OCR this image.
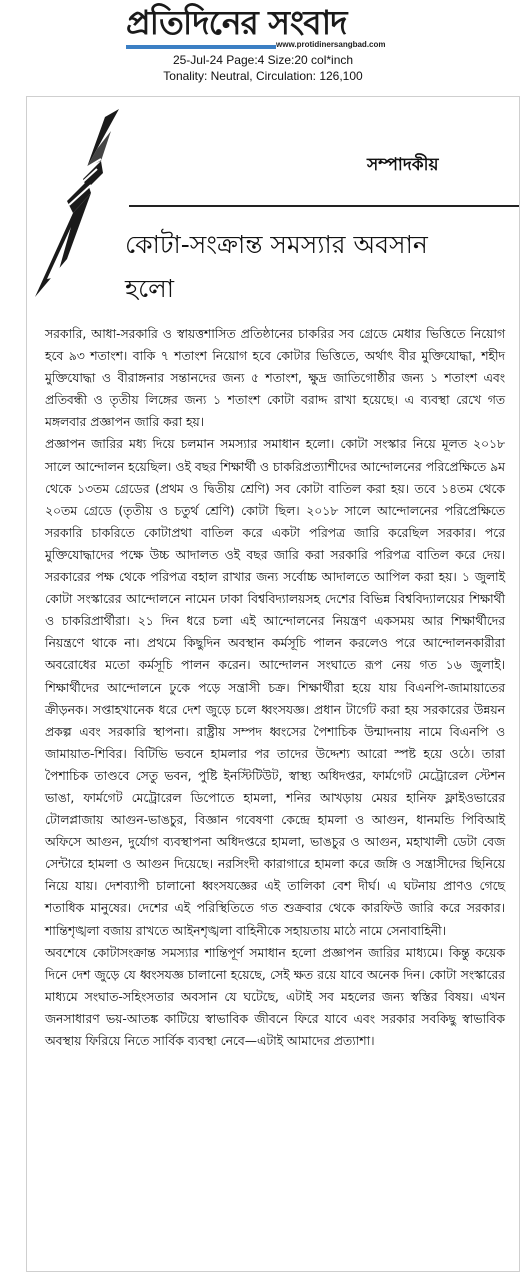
প্রতিদিনের সংবাদ
www.protidinersangbad.com
25-Jul-24 Page:4 Size:20 col*inch
Tonality: Neutral, Circulation: 126,100
সম্পাদকীয়
কোটা-সংক্রান্ত সমস্যার অবসান হলো

সরকারি, আধা-সরকারি ও স্বায়ত্তশাসিত প্রতিষ্ঠানের চাকরির সব গ্রেডে মেধার ভিত্তিতে নিয়োগ হবে ৯৩ শতাংশ। বাকি ৭ শতাংশ নিয়োগ হবে কোটার ভিত্তিতে, অর্থাৎ বীর মুক্তিযোদ্ধা, শহীদ মুক্তিযোদ্ধা ও বীরাঙ্গনার সন্তানদের জন্য ৫ শতাংশ, ক্ষুদ্র জাতিগোষ্ঠীর জন্য ১ শতাংশ এবং প্রতিবন্ধী ও তৃতীয় লিঙ্গের জন্য ১ শতাংশ কোটা বরাদ্দ রাখা হয়েছে। এ ব্যবস্থা রেখে গত মঙ্গলবার প্রজ্ঞাপন জারি করা হয়।

প্রজ্ঞাপন জারির মধ্য দিয়ে চলমান সমস্যার সমাধান হলো। কোটা সংস্কার নিয়ে মূলত ২০১৮ সালে আন্দোলন হয়েছিল। ওই বছর শিক্ষার্থী ও চাকরিপ্রত্যাশীদের আন্দোলনের পরিপ্রেক্ষিতে ৯ম থেকে ১৩তম গ্রেডের (প্রথম ও দ্বিতীয় শ্রেণি) সব কোটা বাতিল করা হয়। তবে ১৪তম থেকে ২০তম গ্রেডে (তৃতীয় ও চতুর্থ শ্রেণি) কোটা ছিল। ২০১৮ সালে আন্দোলনের পরিপ্রেক্ষিতে সরকারি চাকরিতে কোটাপ্রথা বাতিল করে একটা পরিপত্র জারি করেছিল সরকার। পরে মুক্তিযোদ্ধাদের পক্ষে উচ্চ আদালত ওই বছর জারি করা সরকারি পরিপত্র বাতিল করে দেয়। সরকারের পক্ষ থেকে পরিপত্র বহাল রাখার জন্য সর্বোচ্চ আদালতে আপিল করা হয়। ১ জুলাই কোটা সংস্কারের আন্দোলনে নামেন ঢাকা বিশ্ববিদ্যালয়সহ দেশের বিভিন্ন বিশ্ববিদ্যালয়ের শিক্ষার্থী ও চাকরিপ্রার্থীরা। ২১ দিন ধরে চলা এই আন্দোলনের নিয়ন্ত্রণ একসময় আর শিক্ষার্থীদের নিয়ন্ত্রণে থাকে না। প্রথমে কিছুদিন অবস্থান কর্মসূচি পালন করলেও পরে আন্দোলনকারীরা অবরোধের মতো কর্মসূচি পালন করেন। আন্দোলন সংঘাতে রূপ নেয় গত ১৬ জুলাই। শিক্ষার্থীদের আন্দোলনে ঢুকে পড়ে সন্ত্রাসী চক্র। শিক্ষার্থীরা হয়ে যায় বিএনপি-জামায়াতের ক্রীড়নক। সপ্তাহখানেক ধরে দেশ জুড়ে চলে ধ্বংসযজ্ঞ। প্রধান টার্গেট করা হয় সরকারের উন্নয়ন প্রকল্প এবং সরকারি স্থাপনা। রাষ্ট্রীয় সম্পদ ধ্বংসের পৈশাচিক উন্মাদনায় নামে বিএনপি ও জামায়াত-শিবির। বিটিভি ভবনে হামলার পর তাদের উদ্দেশ্য আরো স্পষ্ট হয়ে ওঠে। তারা পৈশাচিক তাণ্ডবে সেতু ভবন, পুষ্টি ইনস্টিটিউট, স্বাস্থ্য অধিদপ্তর, ফার্মগেট মেট্রোরেল স্টেশন ভাঙা, ফার্মগেট মেট্রোরেল ডিপোতে হামলা, শনির আখড়ায় মেয়র হানিফ ফ্লাইওভারের টোলপ্লাজায় আগুন-ভাঙচুর, বিজ্ঞান গবেষণা কেন্দ্রে হামলা ও আগুন, ধানমন্ডি পিবিআই অফিসে আগুন, দুর্যোগ ব্যবস্থাপনা অধিদপ্তরে হামলা, ভাঙচুর ও আগুন, মহাখালী ডেটা বেজ সেন্টারে হামলা ও আগুন দিয়েছে। নরসিংদী কারাগারে হামলা করে জঙ্গি ও সন্ত্রাসীদের ছিনিয়ে নিয়ে যায়। দেশব্যাপী চালানো ধ্বংসযজ্ঞের এই তালিকা বেশ দীর্ঘ। এ ঘটনায় প্রাণও গেছে শতাধিক মানুষের। দেশের এই পরিস্থিতিতে গত শুক্রবার থেকে কারফিউ জারি করে সরকার। শান্তিশৃঙ্খলা বজায় রাখতে আইনশৃঙ্খলা বাহিনীকে সহায়তায় মাঠে নামে সেনাবাহিনী।

অবশেষে কোটাসংক্রান্ত সমস্যার শান্তিপূর্ণ সমাধান হলো প্রজ্ঞাপন জারির মাধ্যমে। কিন্তু কয়েক দিনে দেশ জুড়ে যে ধ্বংসযজ্ঞ চালানো হয়েছে, সেই ক্ষত রয়ে যাবে অনেক দিন। কোটা সংস্কারের মাধ্যমে সংঘাত-সহিংসতার অবসান যে ঘটেছে, এটাই সব মহলের জন্য স্বস্তির বিষয়। এখন জনসাধারণ ভয়-আতঙ্ক কাটিয়ে স্বাভাবিক জীবনে ফিরে যাবে এবং সরকার সবকিছু স্বাভাবিক অবস্থায় ফিরিয়ে নিতে সার্বিক ব্যবস্থা নেবে—এটাই আমাদের প্রত্যাশা।
